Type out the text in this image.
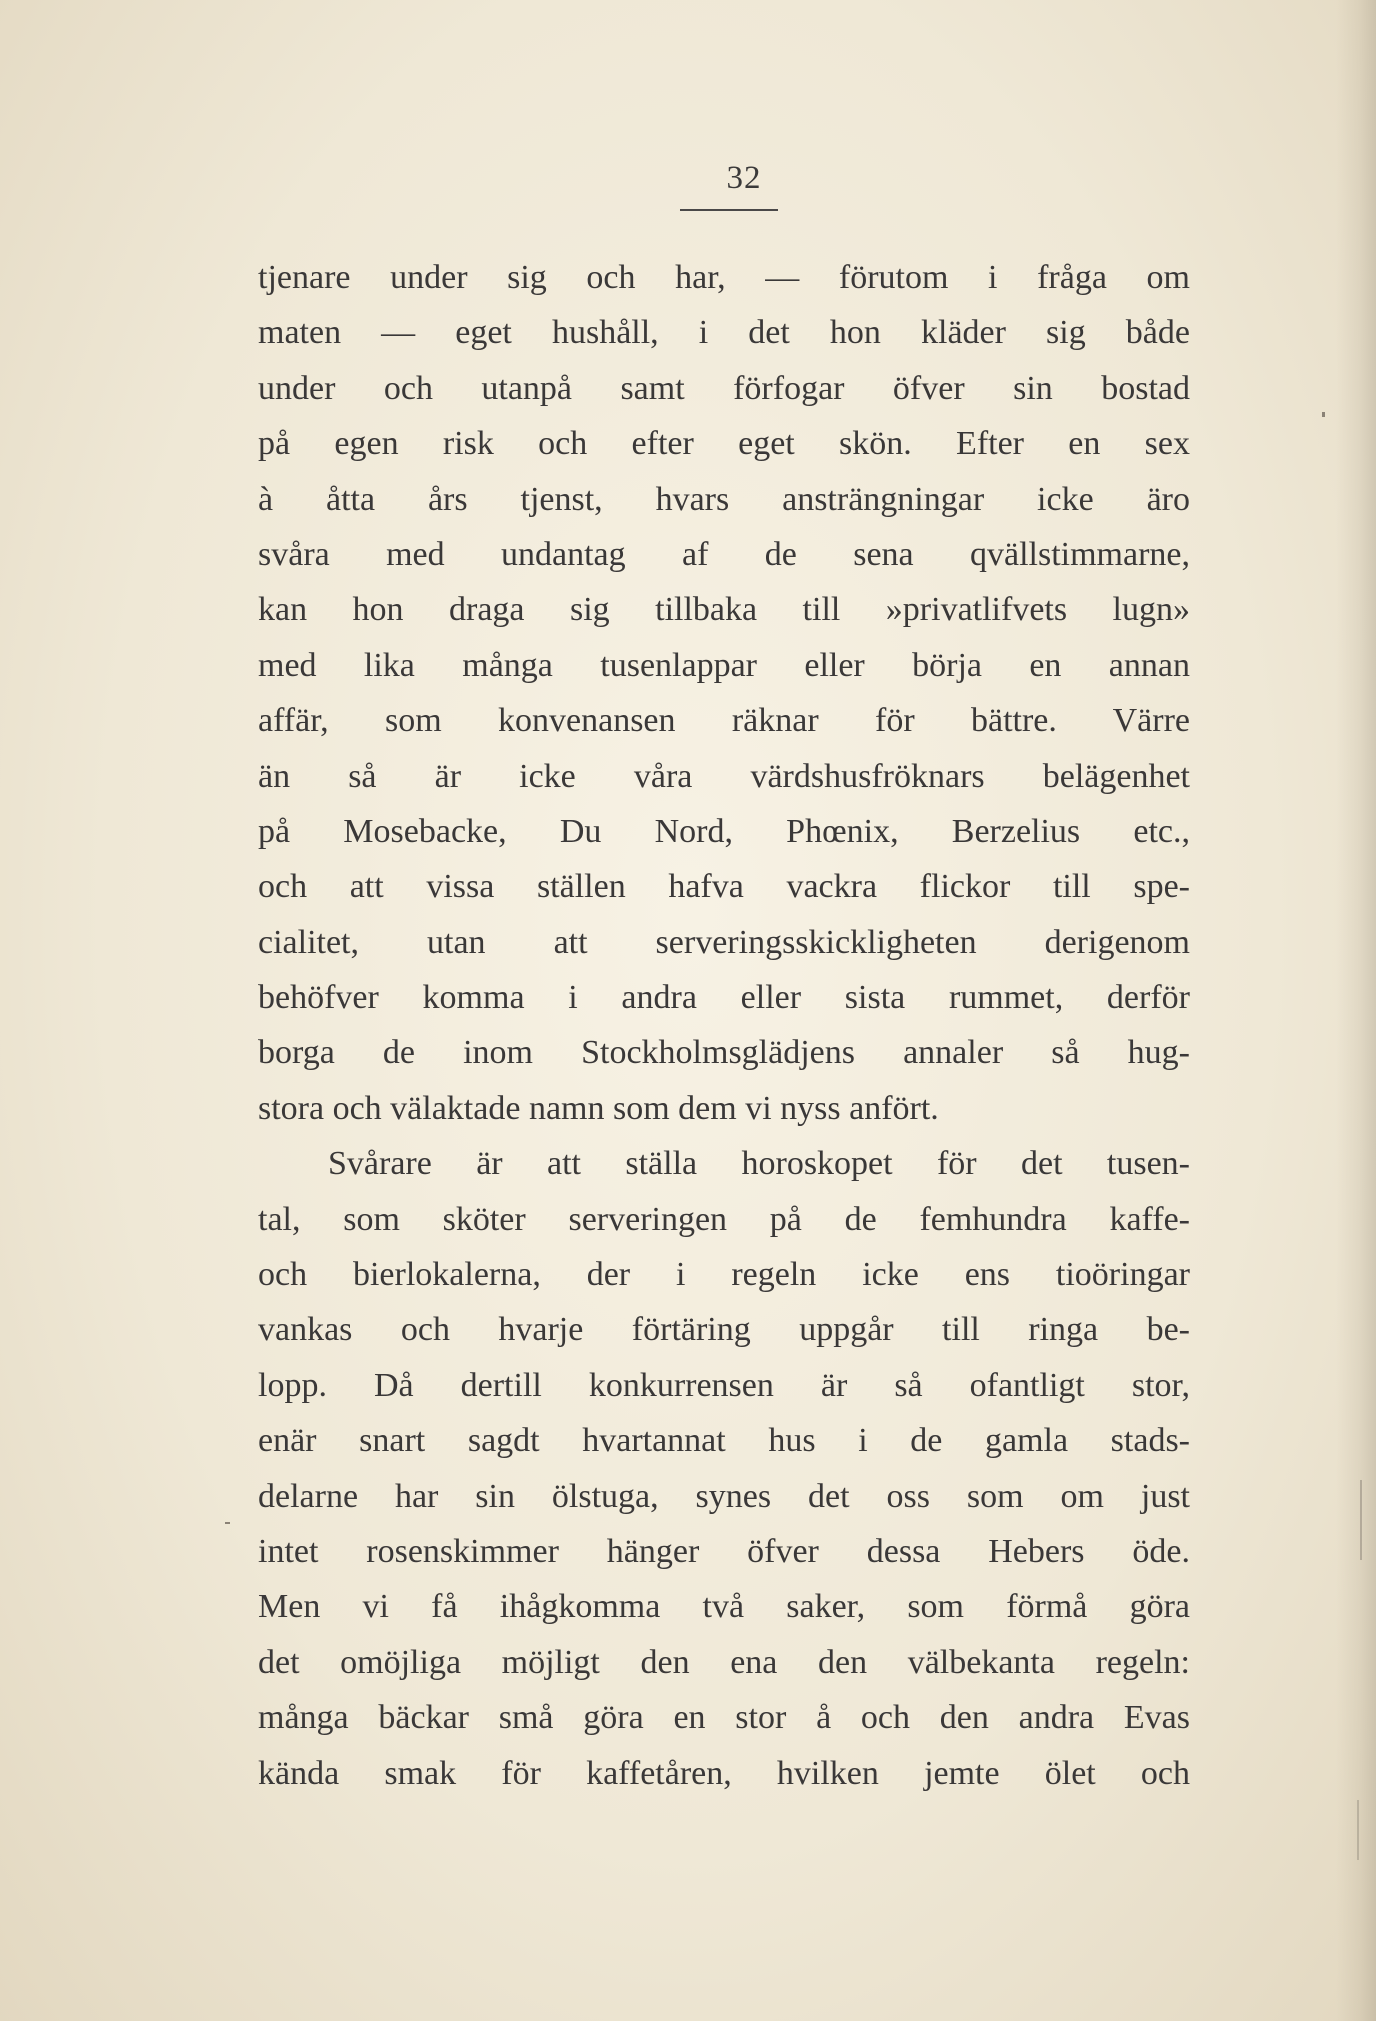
32
tjenare under sig och har, — förutom i fråga om
maten — eget hushåll, i det hon kläder sig både
under och utanpå samt förfogar öfver sin bostad
på egen risk och efter eget skön. Efter en sex
à åtta års tjenst, hvars ansträngningar icke äro
svåra med undantag af de sena qvällstimmarne,
kan hon draga sig tillbaka till »privatlifvets lugn»
med lika många tusenlappar eller börja en annan
affär, som konvenansen räknar för bättre. Värre
än så är icke våra värdshusfröknars belägenhet
på Mosebacke, Du Nord, Phœnix, Berzelius etc.,
och att vissa ställen hafva vackra flickor till spe-
cialitet, utan att serveringsskickligheten derigenom
behöfver komma i andra eller sista rummet, derför
borga de inom Stockholmsglädjens annaler så hug-
stora och välaktade namn som dem vi nyss anfört.
Svårare är att ställa horoskopet för det tusen-
tal, som sköter serveringen på de femhundra kaffe-
och bierlokalerna, der i regeln icke ens tioöringar
vankas och hvarje förtäring uppgår till ringa be-
lopp. Då dertill konkurrensen är så ofantligt stor,
enär snart sagdt hvartannat hus i de gamla stads-
delarne har sin ölstuga, synes det oss som om just
intet rosenskimmer hänger öfver dessa Hebers öde.
Men vi få ihågkomma två saker, som förmå göra
det omöjliga möjligt den ena den välbekanta regeln:
många bäckar små göra en stor å och den andra Evas
kända smak för kaffetåren, hvilken jemte ölet och
